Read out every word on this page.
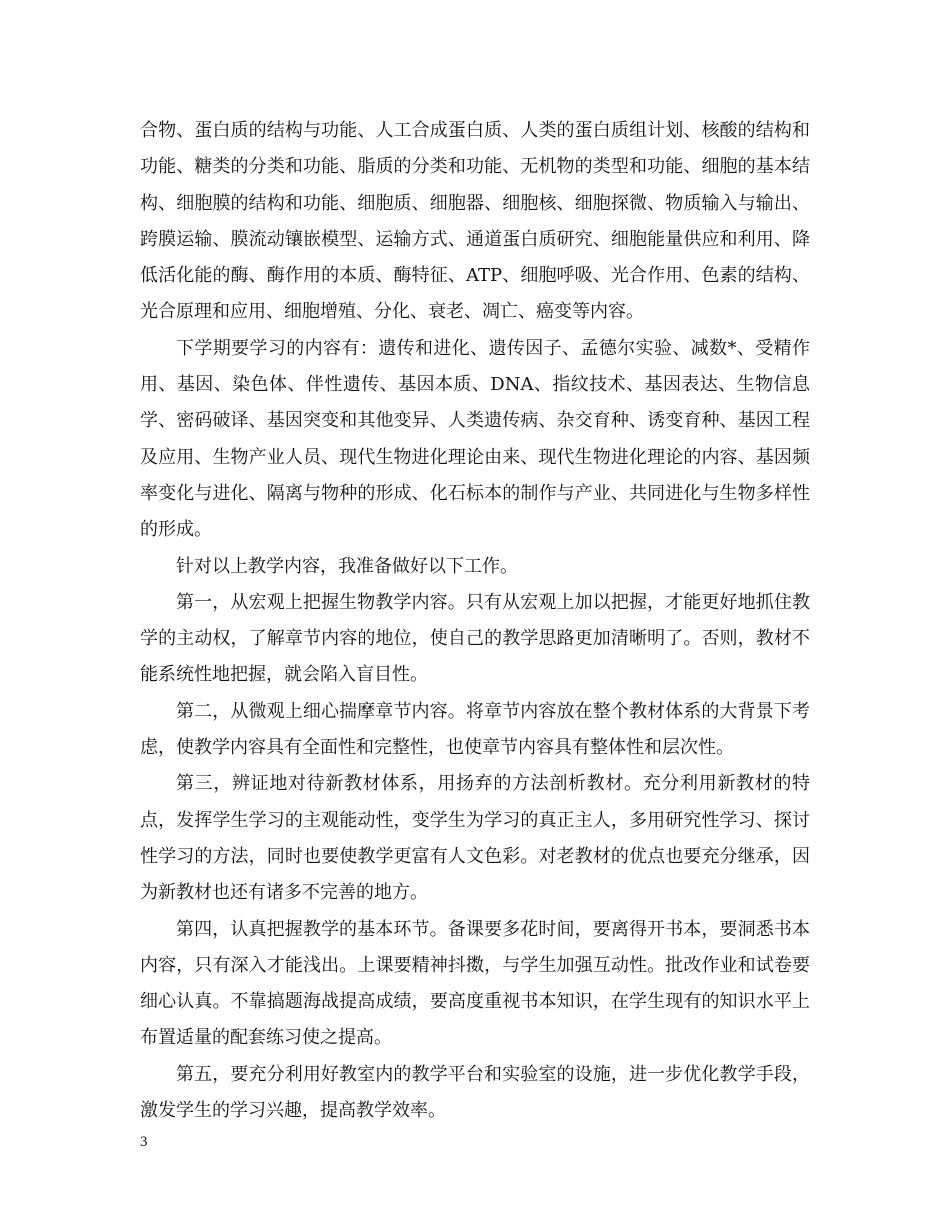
合物、蛋白质的结构与功能、人工合成蛋白质、人类的蛋白质组计划、核酸的结构和功能、糖类的分类和功能、脂质的分类和功能、无机物的类型和功能、细胞的基本结构、细胞膜的结构和功能、细胞质、细胞器、细胞核、细胞探微、物质输入与输出、跨膜运输、膜流动镶嵌模型、运输方式、通道蛋白质研究、细胞能量供应和利用、降低活化能的酶、酶作用的本质、酶特征、ATP、细胞呼吸、光合作用、色素的结构、光合原理和应用、细胞增殖、分化、衰老、凋亡、癌变等内容。

下学期要学习的内容有：遗传和进化、遗传因子、孟德尔实验、减数*、受精作用、基因、染色体、伴性遗传、基因本质、DNA、指纹技术、基因表达、生物信息学、密码破译、基因突变和其他变异、人类遗传病、杂交育种、诱变育种、基因工程及应用、生物产业人员、现代生物进化理论由来、现代生物进化理论的内容、基因频率变化与进化、隔离与物种的形成、化石标本的制作与产业、共同进化与生物多样性的形成。

针对以上教学内容，我准备做好以下工作。

第一，从宏观上把握生物教学内容。只有从宏观上加以把握，才能更好地抓住教学的主动权，了解章节内容的地位，使自己的教学思路更加清晰明了。否则，教材不能系统性地把握，就会陷入盲目性。

第二，从微观上细心揣摩章节内容。将章节内容放在整个教材体系的大背景下考虑，使教学内容具有全面性和完整性，也使章节内容具有整体性和层次性。

第三，辨证地对待新教材体系，用扬弃的方法剖析教材。充分利用新教材的特点，发挥学生学习的主观能动性，变学生为学习的真正主人，多用研究性学习、探讨性学习的方法，同时也要使教学更富有人文色彩。对老教材的优点也要充分继承，因为新教材也还有诸多不完善的地方。

第四，认真把握教学的基本环节。备课要多花时间，要离得开书本，要洞悉书本内容，只有深入才能浅出。上课要精神抖擞，与学生加强互动性。批改作业和试卷要细心认真。不靠搞题海战提高成绩，要高度重视书本知识，在学生现有的知识水平上布置适量的配套练习使之提高。

第五，要充分利用好教室内的教学平台和实验室的设施，进一步优化教学手段，激发学生的学习兴趣，提高教学效率。

3
